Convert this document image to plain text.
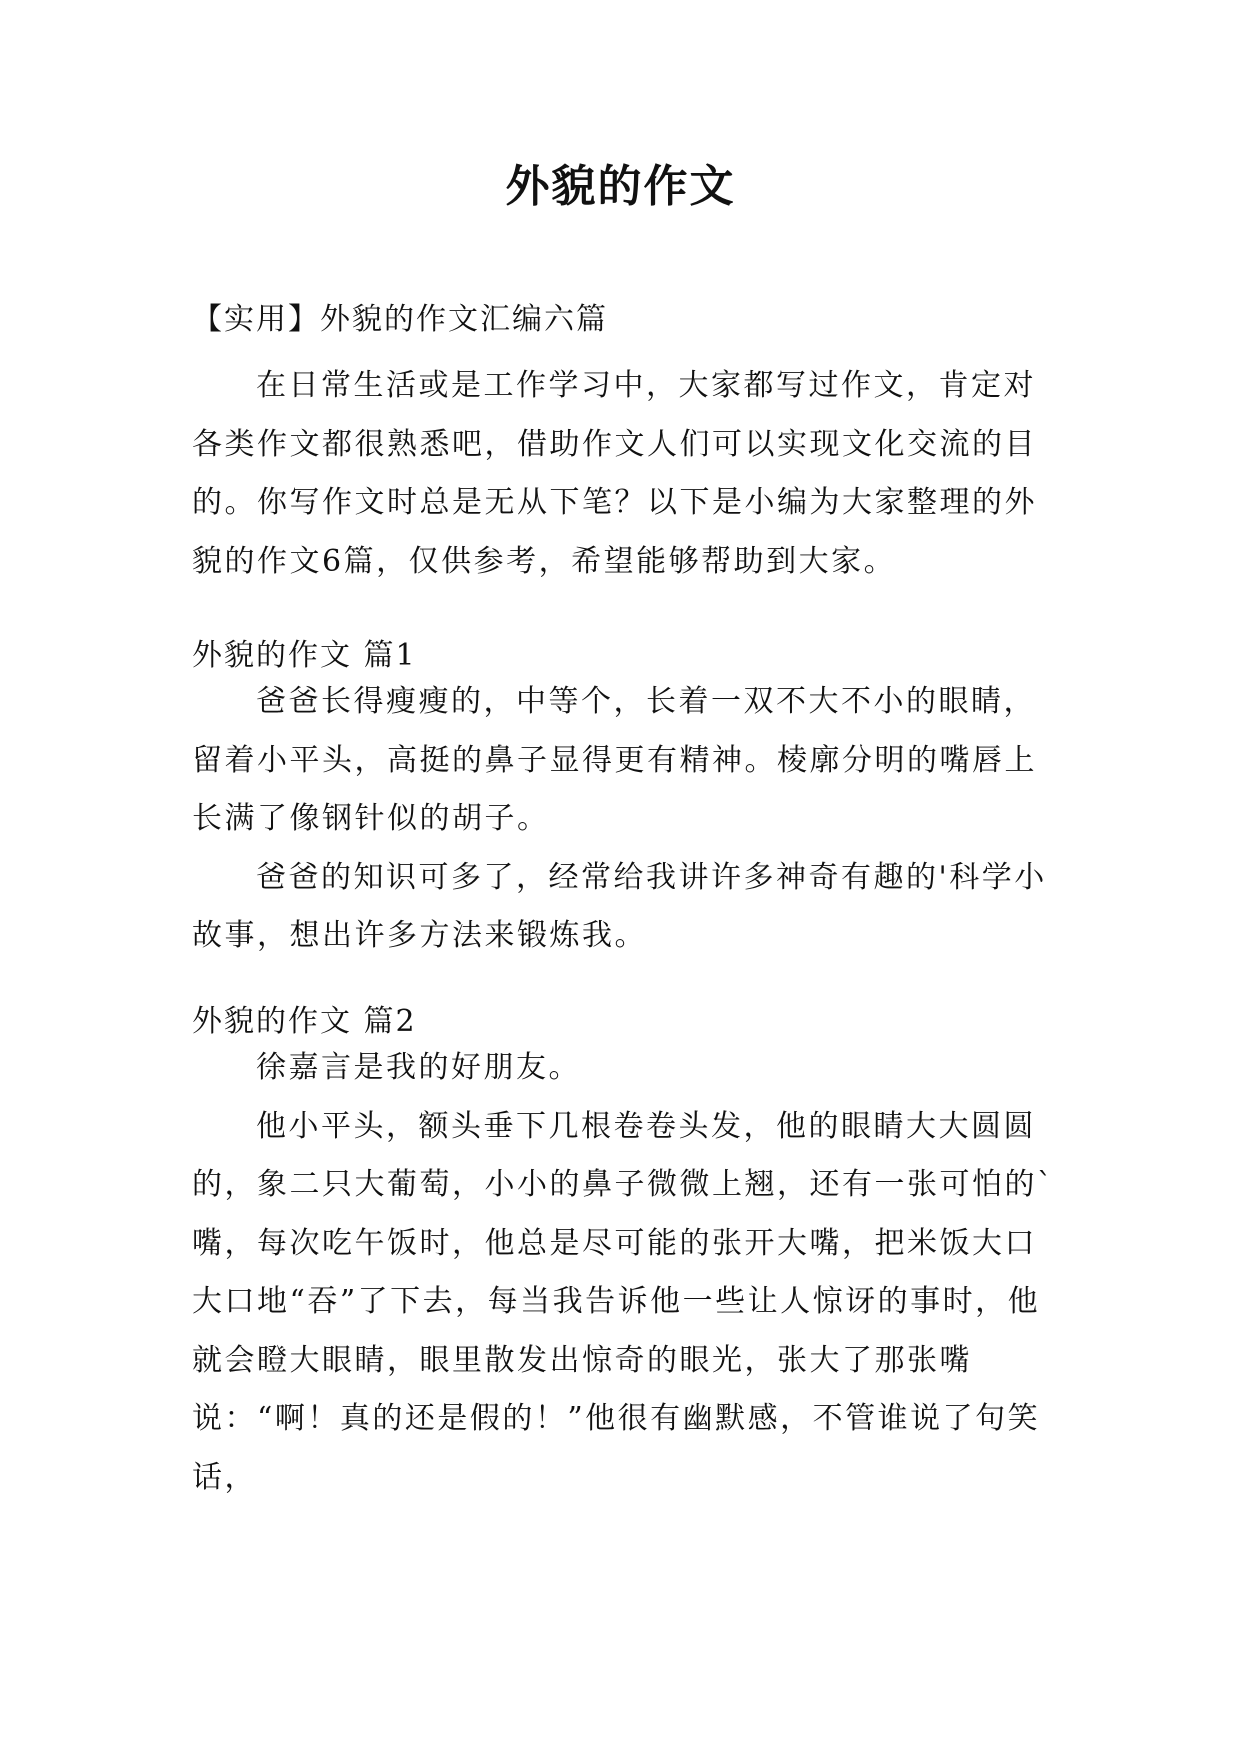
外貌的作文
【实用】外貌的作文汇编六篇

在日常生活或是工作学习中，大家都写过作文，肯定对各类作文都很熟悉吧，借助作文人们可以实现文化交流的目的。你写作文时总是无从下笔？以下是小编为大家整理的外貌的作文6篇，仅供参考，希望能够帮助到大家。

外貌的作文 篇1

爸爸长得瘦瘦的，中等个，长着一双不大不小的眼睛，留着小平头，高挺的鼻子显得更有精神。棱廓分明的嘴唇上长满了像钢针似的胡子。

爸爸的知识可多了，经常给我讲许多神奇有趣的'科学小故事，想出许多方法来锻炼我。

外貌的作文 篇2

徐嘉言是我的好朋友。

他小平头，额头垂下几根卷卷头发，他的眼睛大大圆圆的，象二只大葡萄，小小的鼻子微微上翘，还有一张可怕的`嘴，每次吃午饭时，他总是尽可能的张开大嘴，把米饭大口大口地“吞”了下去，每当我告诉他一些让人惊讶的事时，他就会瞪大眼睛，眼里散发出惊奇的眼光，张大了那张嘴说：“啊！真的还是假的！”他很有幽默感，不管谁说了句笑话，
